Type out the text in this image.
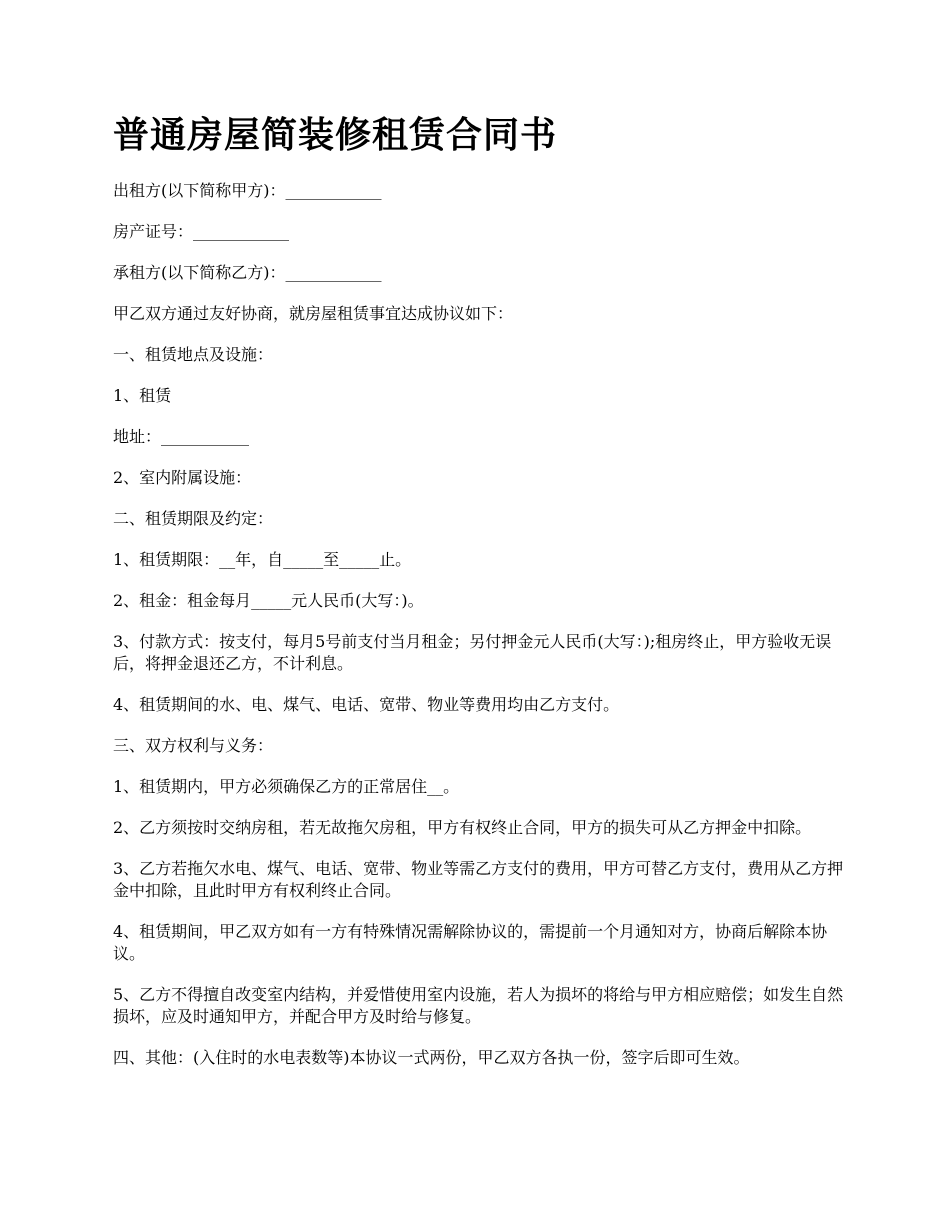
普通房屋简装修租赁合同书

出租方(以下简称甲方)：____________

房产证号：____________

承租方(以下简称乙方)：____________

甲乙双方通过友好协商，就房屋租赁事宜达成协议如下：

一、租赁地点及设施：

1、租赁

地址：___________

2、室内附属设施：

二、租赁期限及约定：

1、租赁期限：__年，自_____至_____止。

2、租金：租金每月_____元人民币(大写：)。

3、付款方式：按支付，每月5号前支付当月租金；另付押金元人民币(大写：);租房终止，甲方验收无误后，将押金退还乙方，不计利息。

4、租赁期间的水、电、煤气、电话、宽带、物业等费用均由乙方支付。

三、双方权利与义务：

1、租赁期内，甲方必须确保乙方的正常居住__。

2、乙方须按时交纳房租，若无故拖欠房租，甲方有权终止合同，甲方的损失可从乙方押金中扣除。

3、乙方若拖欠水电、煤气、电话、宽带、物业等需乙方支付的费用，甲方可替乙方支付，费用从乙方押金中扣除，且此时甲方有权利终止合同。

4、租赁期间，甲乙双方如有一方有特殊情况需解除协议的，需提前一个月通知对方，协商后解除本协议。

5、乙方不得擅自改变室内结构，并爱惜使用室内设施，若人为损坏的将给与甲方相应赔偿；如发生自然损坏，应及时通知甲方，并配合甲方及时给与修复。

四、其他：(入住时的水电表数等)本协议一式两份，甲乙双方各执一份，签字后即可生效。
